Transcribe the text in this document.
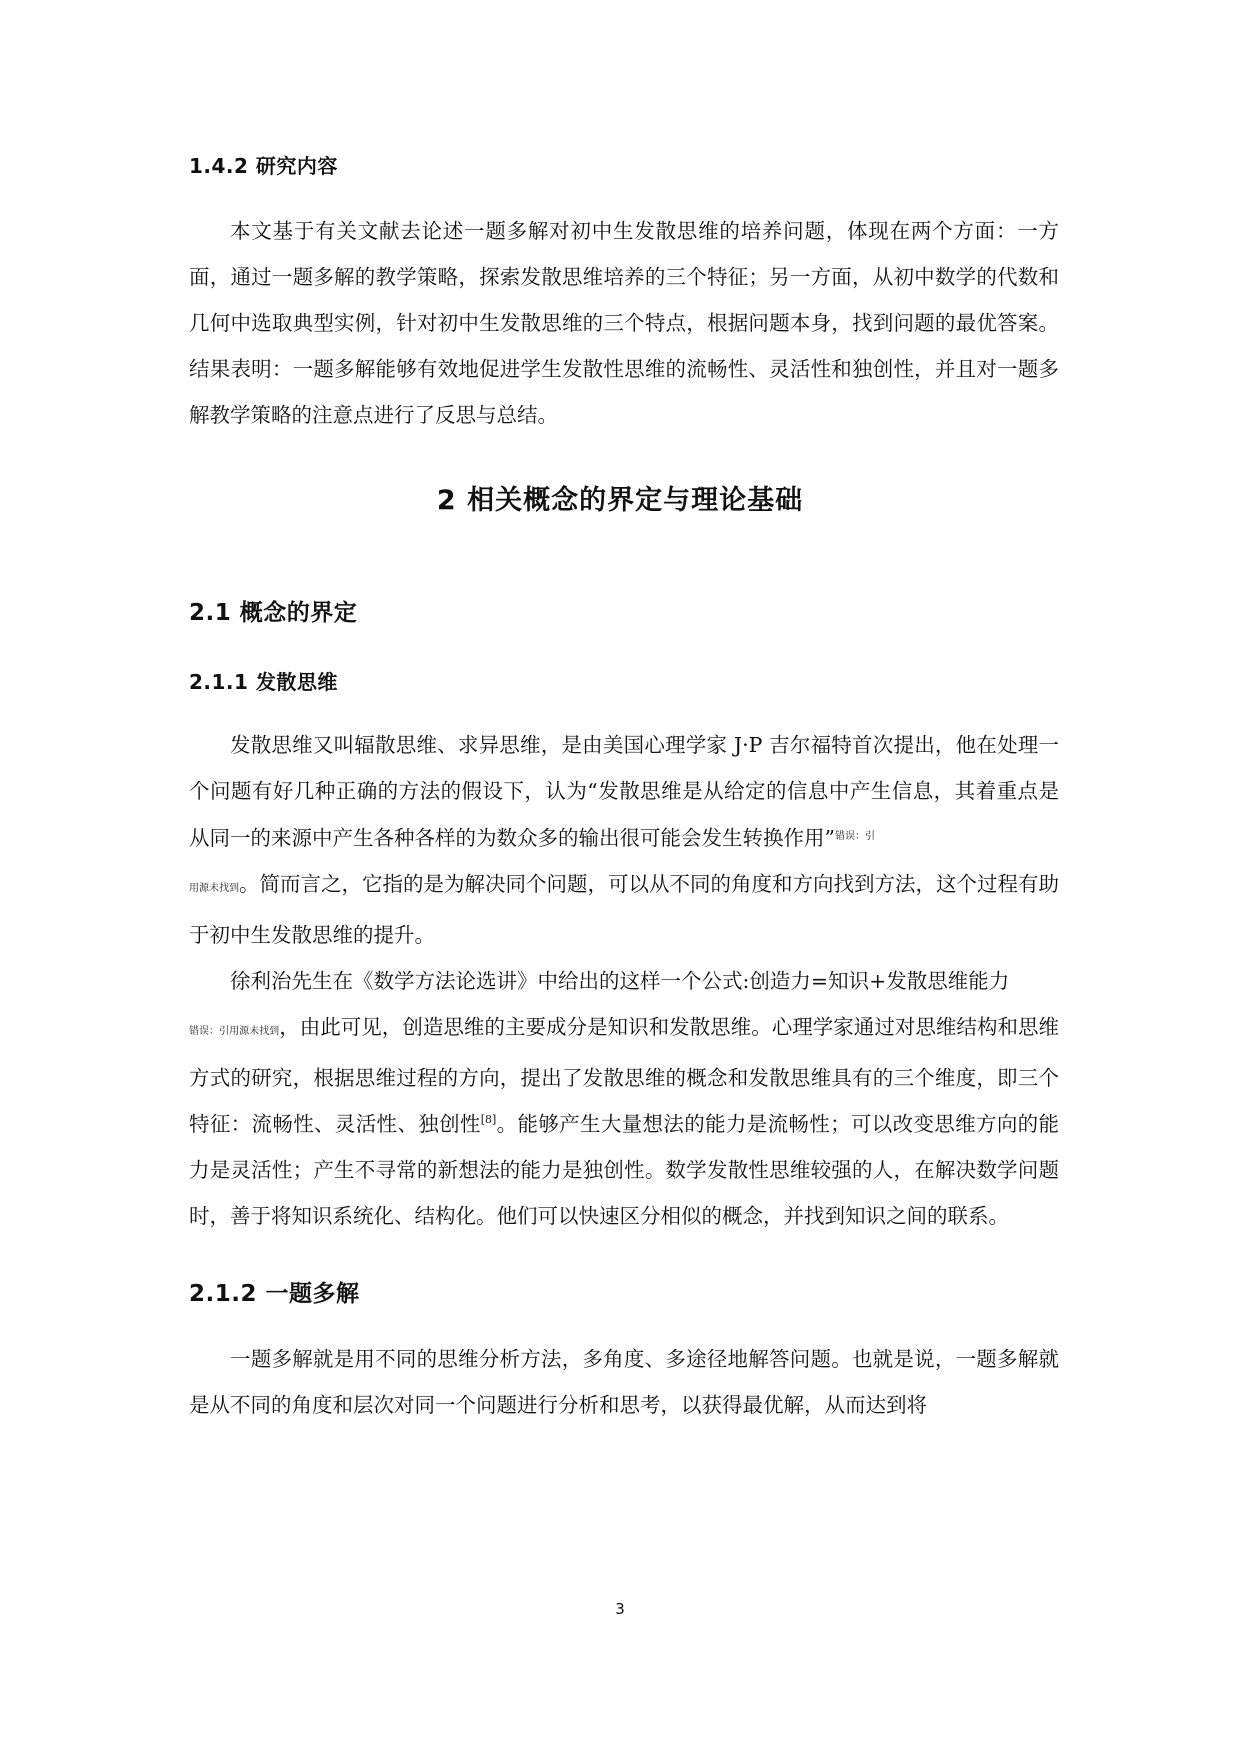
1.4.2 研究内容

本文基于有关文献去论述一题多解对初中生发散思维的培养问题，体现在两个方面：一方面，通过一题多解的教学策略，探索发散思维培养的三个特征；另一方面，从初中数学的代数和几何中选取典型实例，针对初中生发散思维的三个特点，根据问题本身，找到问题的最优答案。结果表明：一题多解能够有效地促进学生发散性思维的流畅性、灵活性和独创性，并且对一题多解教学策略的注意点进行了反思与总结。

2 相关概念的界定与理论基础
2.1 概念的界定
2.1.1 发散思维

发散思维又叫辐散思维、求异思维，是由美国心理学家 J·P 吉尔福特首次提出，他在处理一个问题有好几种正确的方法的假设下，认为“发散思维是从给定的信息中产生信息，其着重点是从同一的来源中产生各种各样的为数众多的输出很可能会发生转换作用”$^{错误:引}$
用源未找到。简而言之，它指的是为解决同个问题，可以从不同的角度和方向找到方法，这个过程有助于初中生发散思维的提升。

徐利治先生在《数学方法论选讲》中给出的这样一个公式:创造力=知识+发散思维能力
错误：引用源未找到，由此可见，创造思维的主要成分是知识和发散思维。心理学家通过对思维结构和思维方式的研究，根据思维过程的方向，提出了发散思维的概念和发散思维具有的三个维度，即三个特征：流畅性、灵活性、独创性[8]。能够产生大量想法的能力是流畅性；可以改变思维方向的能力是灵活性；产生不寻常的新想法的能力是独创性。数学发散性思维较强的人，在解决数学问题时，善于将知识系统化、结构化。他们可以快速区分相似的概念，并找到知识之间的联系。

2.1.2 一题多解

一题多解就是用不同的思维分析方法，多角度、多途径地解答问题。也就是说，一题多解就是从不同的角度和层次对同一个问题进行分析和思考，以获得最优解，从而达到将

3
